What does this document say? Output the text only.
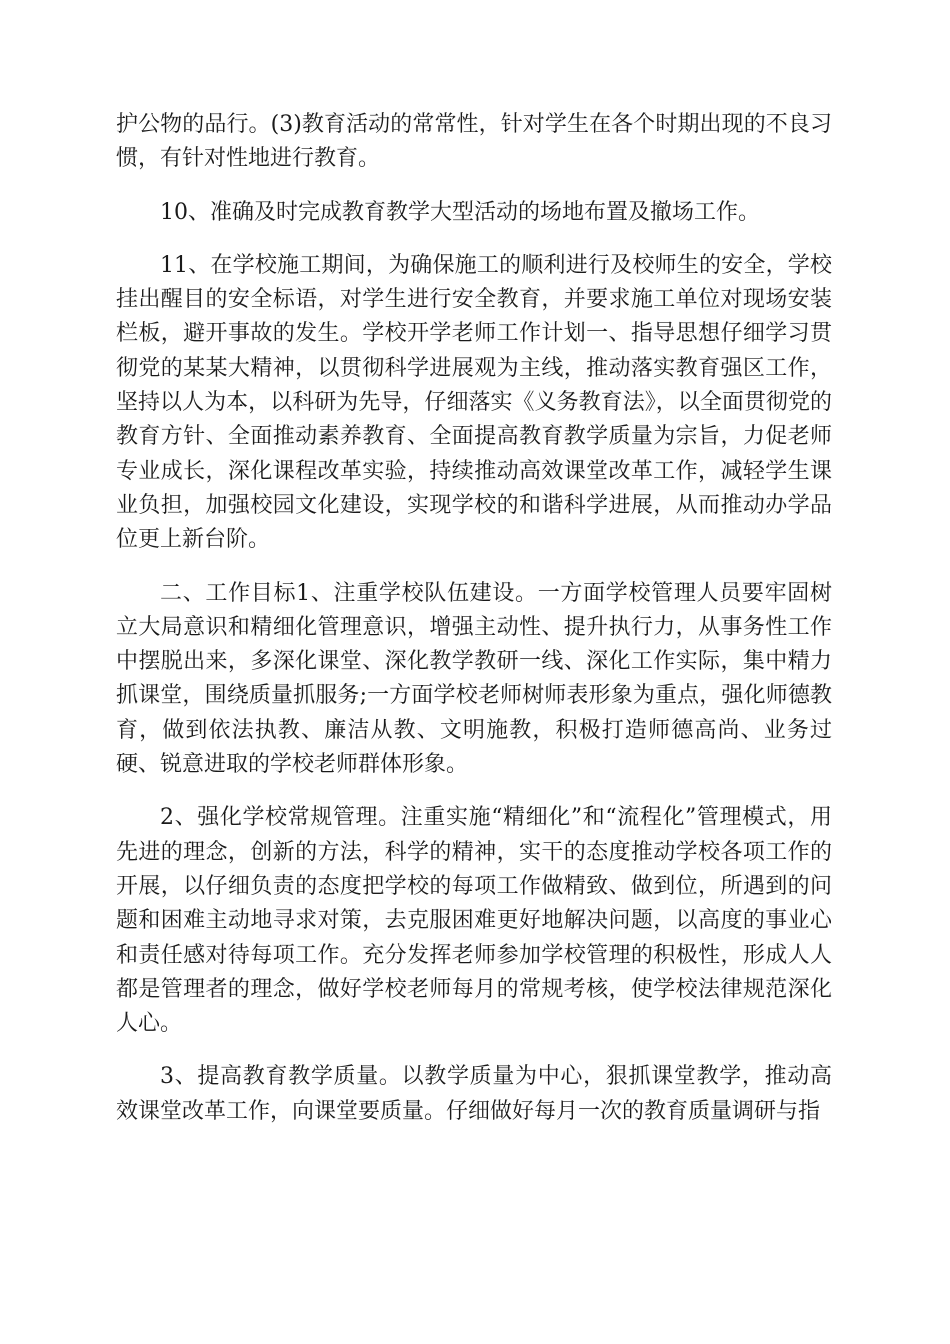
护公物的品行。(3)教育活动的常常性，针对学生在各个时期出现的不良习惯，有针对性地进行教育。

10、准确及时完成教育教学大型活动的场地布置及撤场工作。

11、在学校施工期间，为确保施工的顺利进行及校师生的安全，学校挂出醒目的安全标语，对学生进行安全教育，并要求施工单位对现场安装栏板，避开事故的发生。学校开学老师工作计划一、指导思想仔细学习贯彻党的某某大精神，以贯彻科学进展观为主线，推动落实教育强区工作，坚持以人为本，以科研为先导，仔细落实《义务教育法》，以全面贯彻党的教育方针、全面推动素养教育、全面提高教育教学质量为宗旨，力促老师专业成长，深化课程改革实验，持续推动高效课堂改革工作，减轻学生课业负担，加强校园文化建设，实现学校的和谐科学进展，从而推动办学品位更上新台阶。

二、工作目标1、注重学校队伍建设。一方面学校管理人员要牢固树立大局意识和精细化管理意识，增强主动性、提升执行力，从事务性工作中摆脱出来，多深化课堂、深化教学教研一线、深化工作实际，集中精力抓课堂，围绕质量抓服务;一方面学校老师树师表形象为重点，强化师德教育，做到依法执教、廉洁从教、文明施教，积极打造师德高尚、业务过硬、锐意进取的学校老师群体形象。

2、强化学校常规管理。注重实施“精细化”和“流程化”管理模式，用先进的理念，创新的方法，科学的精神，实干的态度推动学校各项工作的开展，以仔细负责的态度把学校的每项工作做精致、做到位，所遇到的问题和困难主动地寻求对策，去克服困难更好地解决问题，以高度的事业心和责任感对待每项工作。充分发挥老师参加学校管理的积极性，形成人人都是管理者的理念，做好学校老师每月的常规考核，使学校法律规范深化人心。

3、提高教育教学质量。以教学质量为中心，狠抓课堂教学，推动高效课堂改革工作，向课堂要质量。仔细做好每月一次的教育质量调研与指
